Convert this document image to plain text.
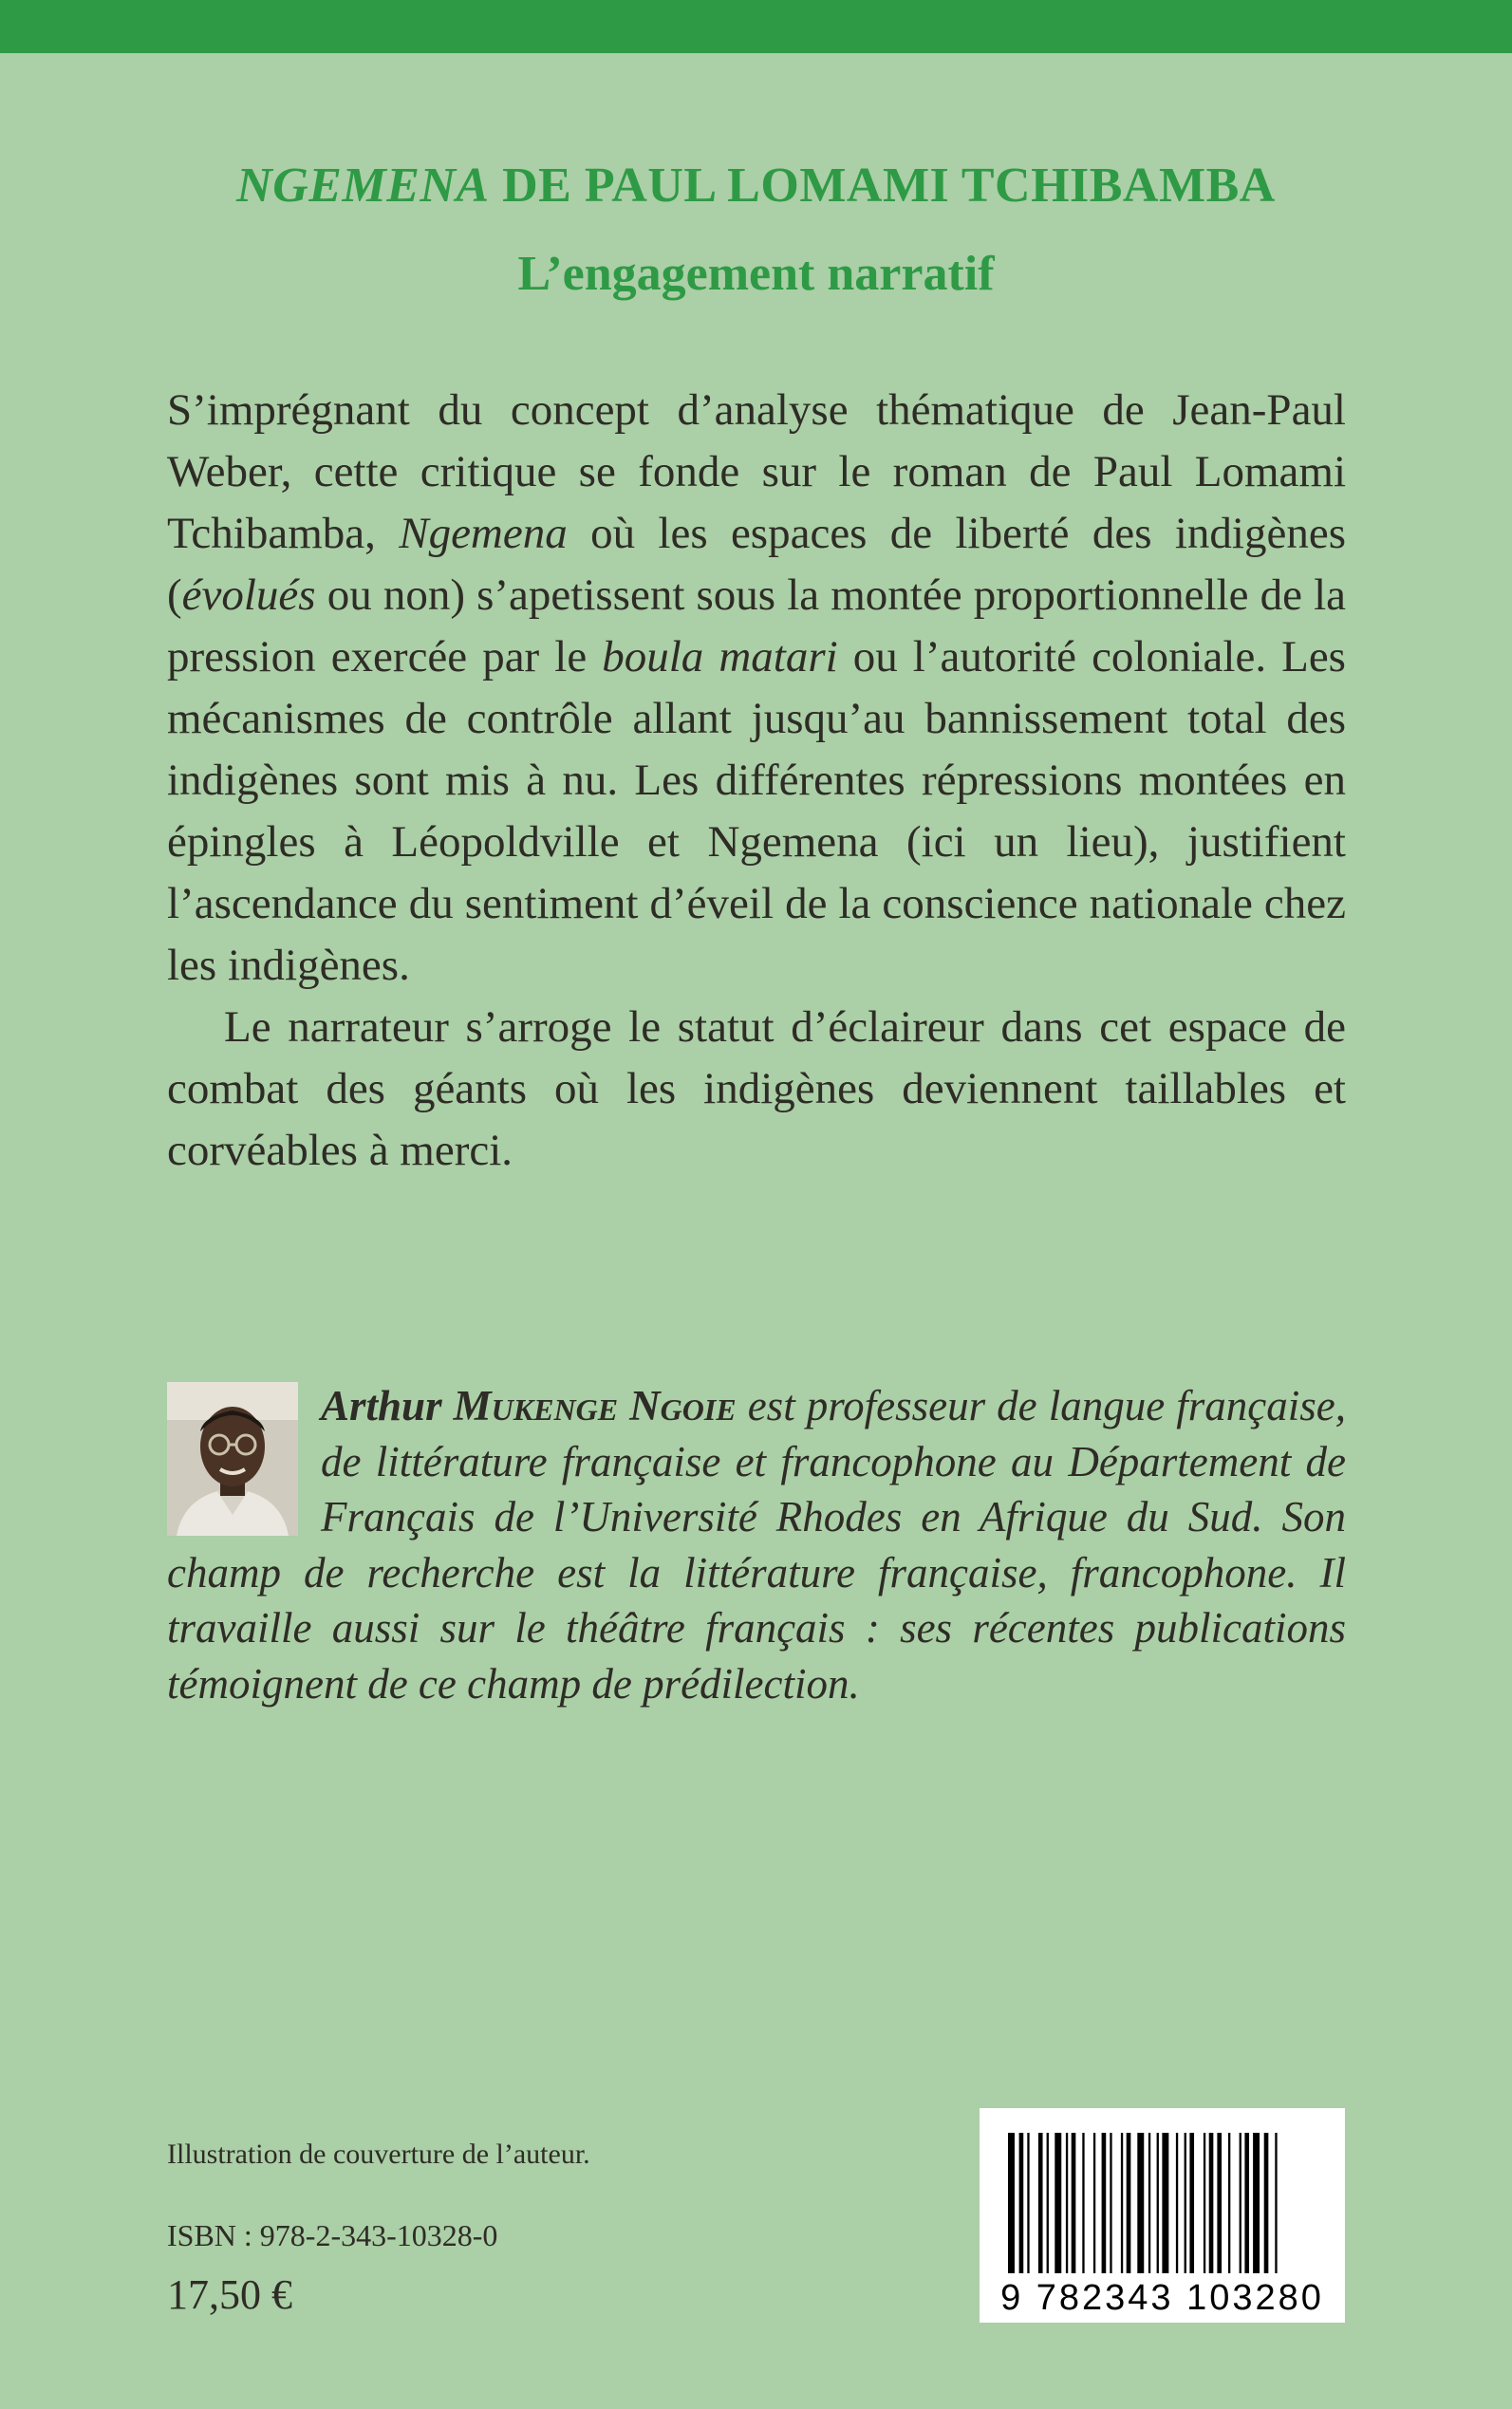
NGEMENA DE PAUL LOMAMI TCHIBAMBA
L’engagement narratif

S’imprégnant du concept d’analyse thématique de Jean-Paul Weber, cette critique se fonde sur le roman de Paul Lomami Tchibamba, Ngemena où les espaces de liberté des indigènes (évolués ou non) s’apetissent sous la montée proportionnelle de la pression exercée par le boula matari ou l’autorité coloniale. Les mécanismes de contrôle allant jusqu’au bannissement total des indigènes sont mis à nu. Les différentes répressions montées en épingles à Léopoldville et Ngemena (ici un lieu), justifient l’ascendance du sentiment d’éveil de la conscience nationale chez les indigènes.

Le narrateur s’arroge le statut d’éclaireur dans cet espace de combat des géants où les indigènes deviennent taillables et corvéables à merci.

Arthur Mukenge Ngoie est professeur de langue française, de littérature française et francophone au Département de Français de l’Université Rhodes en Afrique du Sud. Son champ de recherche est la littérature française, francophone. Il travaille aussi sur le théâtre français : ses récentes publications témoignent de ce champ de prédilection.

Illustration de couverture de l’auteur.
ISBN : 978-2-343-10328-0
17,50 €	9 782343 103280
